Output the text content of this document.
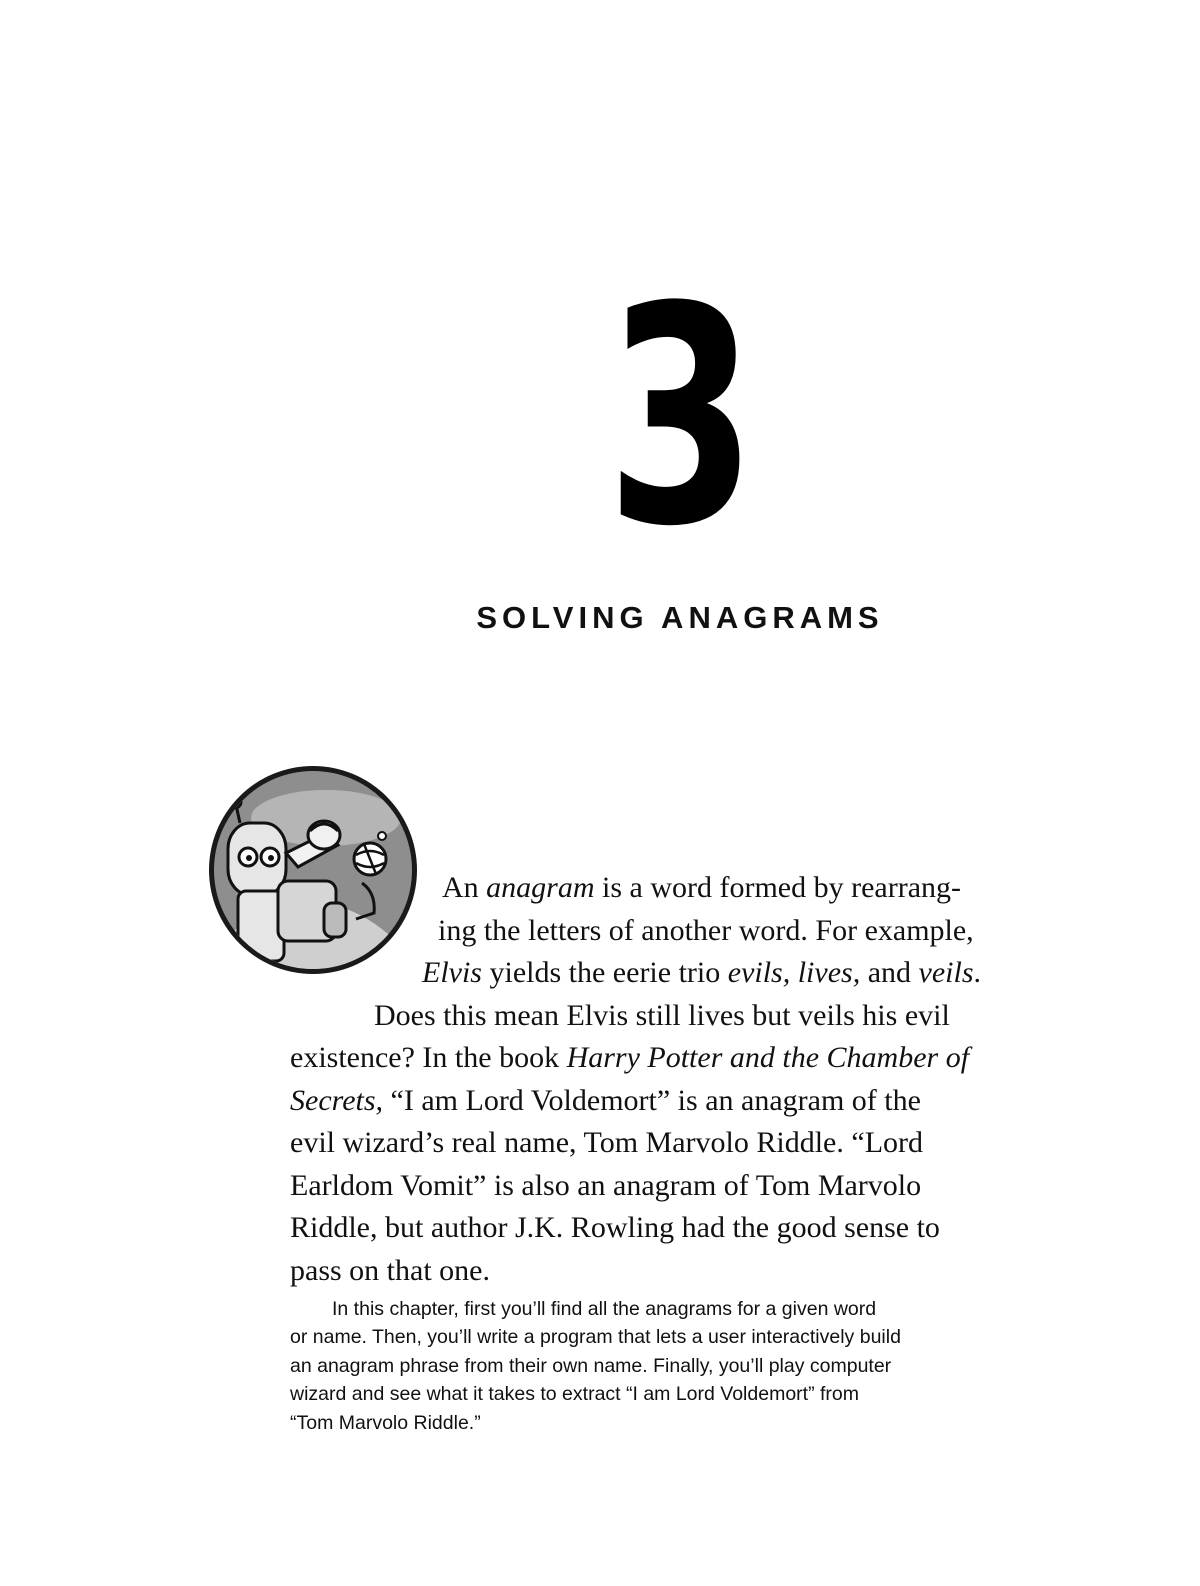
3
SOLVING ANAGRAMS
An anagram is a word formed by rearrang-
ing the letters of another word. For example,
Elvis yields the eerie trio evils, lives, and veils.
Does this mean Elvis still lives but veils his evil
existence? In the book Harry Potter and the Chamber of
Secrets, “I am Lord Voldemort” is an anagram of the
evil wizard’s real name, Tom Marvolo Riddle. “Lord
Earldom Vomit” is also an anagram of Tom Marvolo
Riddle, but author J.K. Rowling had the good sense to
pass on that one.
In this chapter, first you’ll find all the anagrams for a given word
or name. Then, you’ll write a program that lets a user interactively build
an anagram phrase from their own name. Finally, you’ll play computer
wizard and see what it takes to extract “I am Lord Voldemort” from
“Tom Marvolo Riddle.”
